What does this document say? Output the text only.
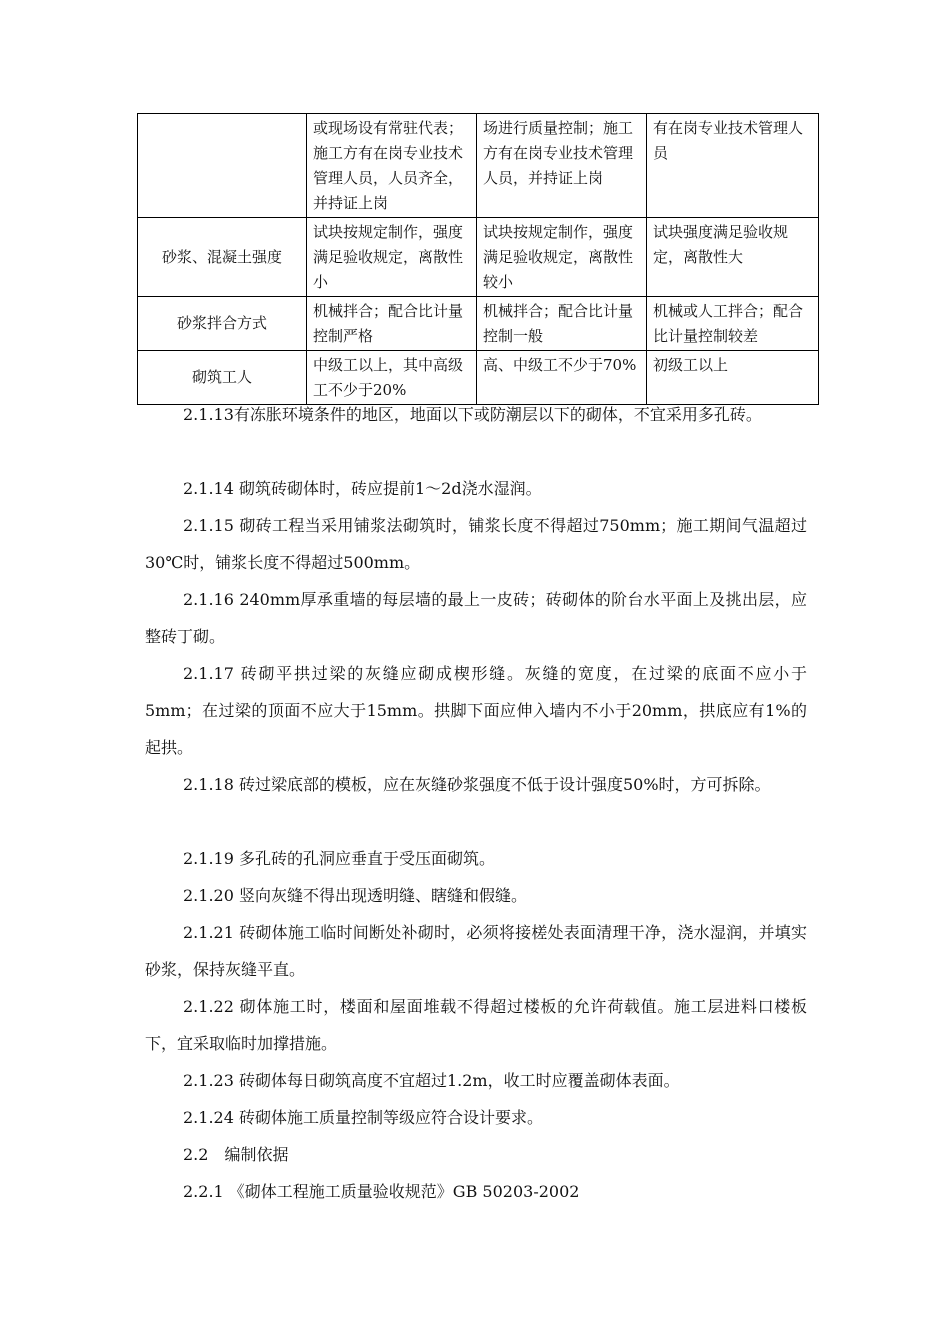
	或现场设有常驻代表；施工方有在岗专业技术管理人员，人员齐全，并持证上岗	场进行质量控制；施工方有在岗专业技术管理人员，并持证上岗	有在岗专业技术管理人员
砂浆、混凝土强度	试块按规定制作，强度满足验收规定，离散性小	试块按规定制作，强度满足验收规定，离散性较小	试块强度满足验收规定，离散性大
砂浆拌合方式	机械拌合；配合比计量控制严格	机械拌合；配合比计量控制一般	机械或人工拌合；配合比计量控制较差
砌筑工人	中级工以上，其中高级工不少于20%	高、中级工不少于70%	初级工以上

2.1.13有冻胀环境条件的地区，地面以下或防潮层以下的砌体，不宜采用多孔砖。

2.1.14 砌筑砖砌体时，砖应提前1～2d浇水湿润。

2.1.15 砌砖工程当采用铺浆法砌筑时，铺浆长度不得超过750mm；施工期间气温超过30℃时，铺浆长度不得超过500mm。

2.1.16 240mm厚承重墙的每层墙的最上一皮砖；砖砌体的阶台水平面上及挑出层，应整砖丁砌。

2.1.17 砖砌平拱过梁的灰缝应砌成楔形缝。灰缝的宽度，在过梁的底面不应小于5mm；在过梁的顶面不应大于15mm。拱脚下面应伸入墙内不小于20mm，拱底应有1%的起拱。

2.1.18 砖过梁底部的模板，应在灰缝砂浆强度不低于设计强度50%时，方可拆除。

2.1.19 多孔砖的孔洞应垂直于受压面砌筑。

2.1.20 竖向灰缝不得出现透明缝、瞎缝和假缝。

2.1.21 砖砌体施工临时间断处补砌时，必须将接槎处表面清理干净，浇水湿润，并填实砂浆，保持灰缝平直。

2.1.22 砌体施工时，楼面和屋面堆载不得超过楼板的允许荷载值。施工层进料口楼板下，宜采取临时加撑措施。

2.1.23 砖砌体每日砌筑高度不宜超过1.2m，收工时应覆盖砌体表面。

2.1.24 砖砌体施工质量控制等级应符合设计要求。

2.2　编制依据

2.2.1 《砌体工程施工质量验收规范》GB 50203-2002
